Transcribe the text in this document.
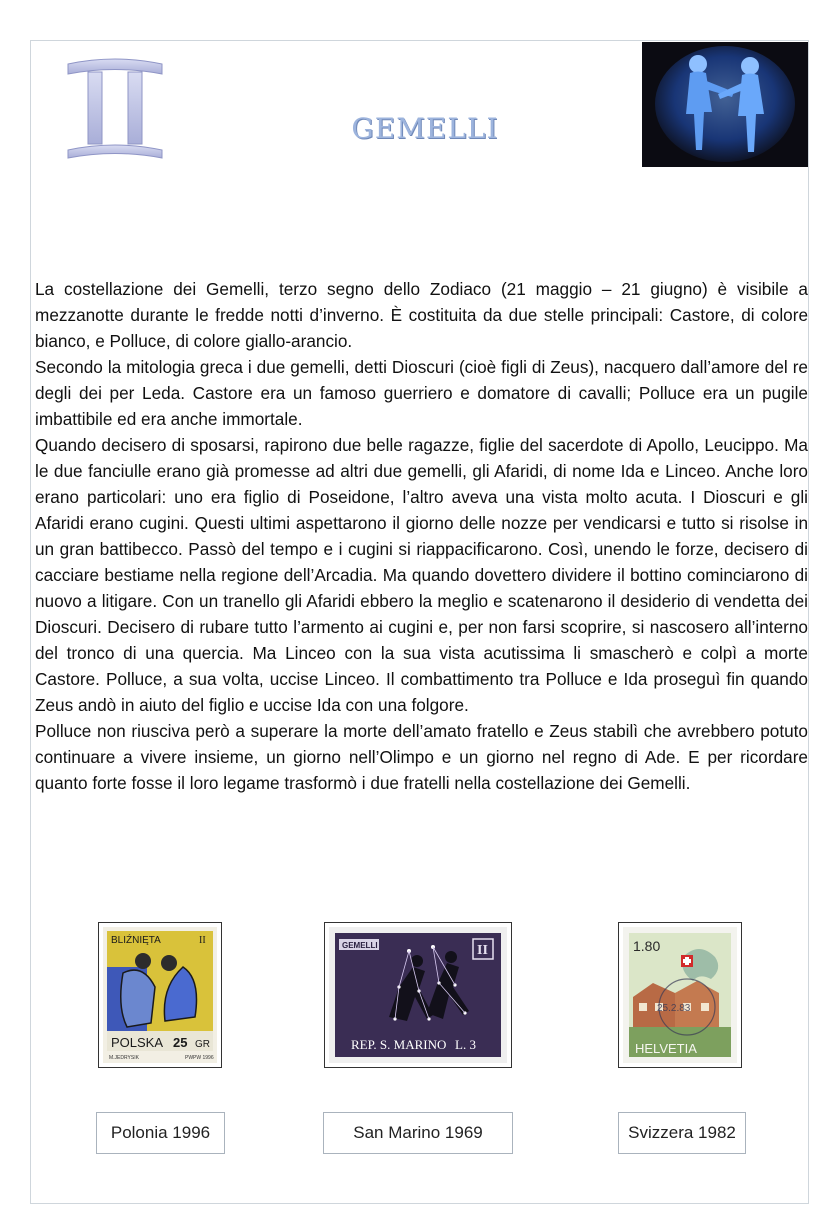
GEMELLI

La costellazione dei Gemelli, terzo segno dello Zodiaco (21 maggio – 21 giugno) è visibile a mezzanotte durante le fredde notti d’inverno. È costituita da due stelle principali: Castore, di colore bianco, e Polluce, di colore giallo-arancio.

Secondo la mitologia greca i due gemelli, detti Dioscuri (cioè figli di Zeus), nacquero dall’amore del re degli dei per Leda. Castore era un famoso guerriero e domatore di cavalli; Polluce era un pugile imbattibile ed era anche immortale.

Quando decisero di sposarsi, rapirono due belle ragazze, figlie del sacerdote di Apollo, Leucippo. Ma le due fanciulle erano già promesse ad altri due gemelli, gli Afaridi, di nome Ida e Linceo. Anche loro erano particolari: uno era figlio di Poseidone, l’altro aveva una vista molto acuta. I Dioscuri e gli Afaridi erano cugini. Questi ultimi aspettarono il giorno delle nozze per vendicarsi e tutto si risolse in un gran battibecco. Passò del tempo e i cugini si riappacificarono. Così, unendo le forze, decisero di cacciare bestiame nella regione dell’Arcadia. Ma quando dovettero dividere il bottino cominciarono di nuovo a litigare. Con un tranello gli Afaridi ebbero la meglio e scatenarono il desiderio di vendetta dei Dioscuri. Decisero di rubare tutto l’armento ai cugini e, per non farsi scoprire, si nascosero all’interno del tronco di una quercia. Ma Linceo con la sua vista acutissima li smascherò e colpì a morte Castore. Polluce, a sua volta, uccise Linceo. Il combattimento tra Polluce e Ida proseguì fin quando Zeus andò in aiuto del figlio e uccise Ida con una folgore.

Polluce non riusciva però a superare la morte dell’amato fratello e Zeus stabilì che avrebbero potuto continuare a vivere insieme, un giorno nell’Olimpo e un giorno nel regno di Ade. E per ricordare quanto forte fosse il loro legame trasformò i due fratelli nella costellazione dei Gemelli.

BLIŹNIĘTA	II
POLSKA 25 GR
M.JEDRYSIK	PWPW 1996
GEMELLI	II
REP. S. MARINO L. 3
1.80
HELVETIA
25.2.83
Polonia 1996	San Marino 1969	Svizzera 1982
